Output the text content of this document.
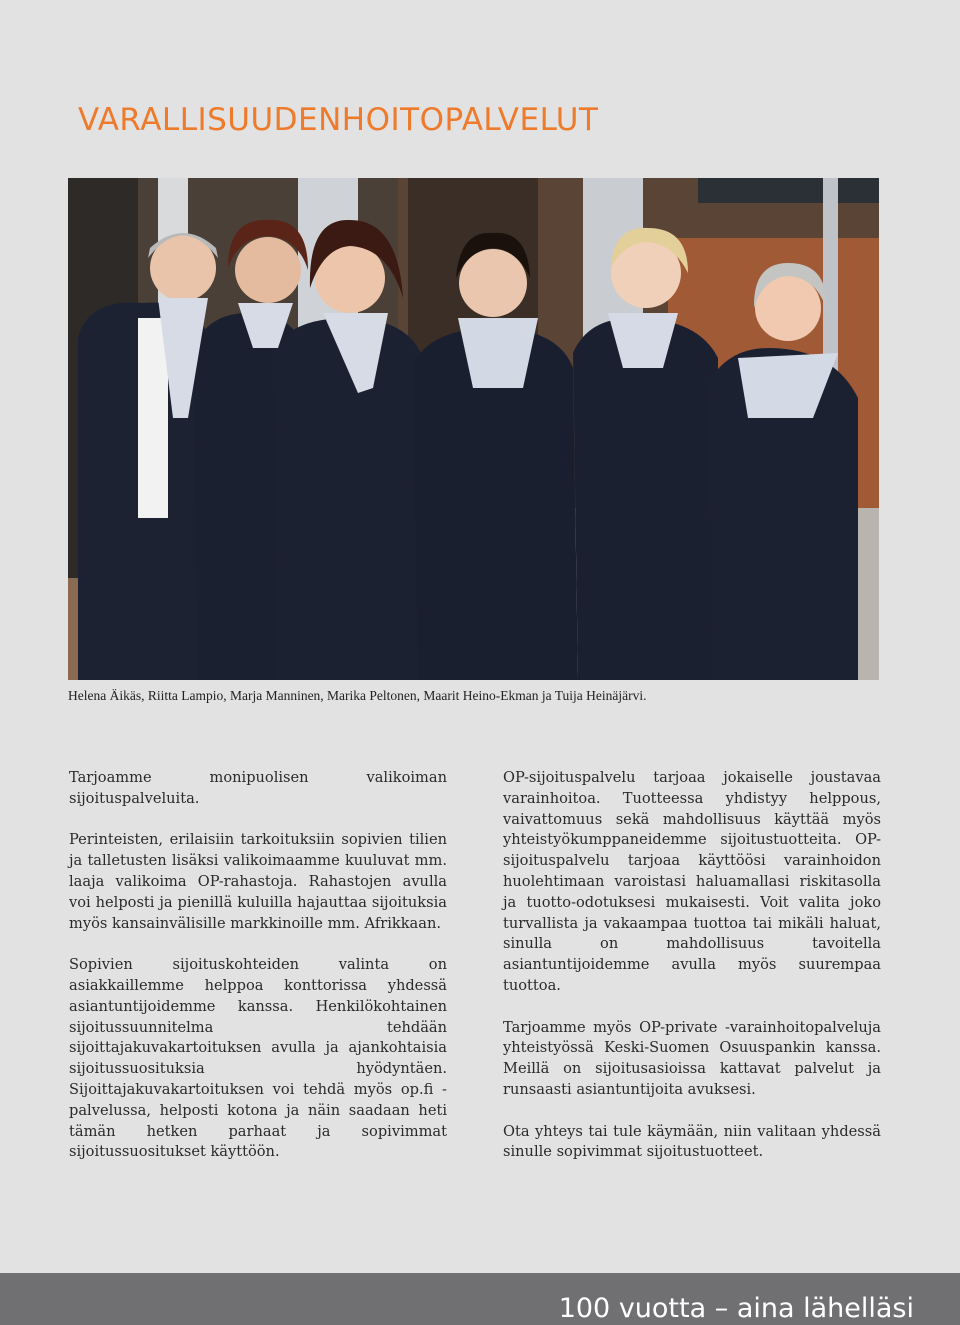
VARALLISUUDENHOITOPALVELUT
Helena Äikäs, Riitta Lampio, Marja Manninen, Marika Peltonen, Maarit Heino-Ekman ja Tuija Heinäjärvi.

Tarjoamme monipuolisen valikoiman sijoituspalveluita.

Perinteisten, erilaisiin tarkoituksiin sopivien tilien ja talletusten lisäksi valikoimaamme kuuluvat mm. laaja valikoima OP-rahastoja. Rahastojen avulla voi helposti ja pienillä kuluilla hajauttaa sijoituksia myös kansainvälisille markkinoille mm. Afrikkaan.

Sopivien sijoituskohteiden valinta on asiakkaillemme helppoa konttorissa yhdessä asiantuntijoidemme kanssa. Henkilökohtainen sijoitussuunnitelma tehdään sijoittajakuvakartoituksen avulla ja ajankohtaisia sijoitussuosituksia hyödyntäen. Sijoittajakuvakartoituksen voi tehdä myös op.fi -palvelussa, helposti kotona ja näin saadaan heti tämän hetken parhaat ja sopivimmat sijoitussuositukset käyttöön.

OP-sijoituspalvelu tarjoaa jokaiselle joustavaa varainhoitoa. Tuotteessa yhdistyy helppous, vaivattomuus sekä mahdollisuus käyttää myös yhteistyökumppaneidemme sijoitustuotteita. OP-sijoituspalvelu tarjoaa käyttöösi varainhoidon huolehtimaan varoistasi haluamallasi riskitasolla ja tuotto-odotuksesi mukaisesti. Voit valita joko turvallista ja vakaampaa tuottoa tai mikäli haluat, sinulla on mahdollisuus tavoitella asiantuntijoidemme avulla myös suurempaa tuottoa.

Tarjoamme myös OP-private -varainhoitopalveluja yhteistyössä Keski-Suomen Osuuspankin kanssa. Meillä on sijoitusasioissa kattavat palvelut ja runsaasti asiantuntijoita avuksesi.

Ota yhteys tai tule käymään, niin valitaan yhdessä sinulle sopivimmat sijoitustuotteet.

100 vuotta – aina lähelläsi
